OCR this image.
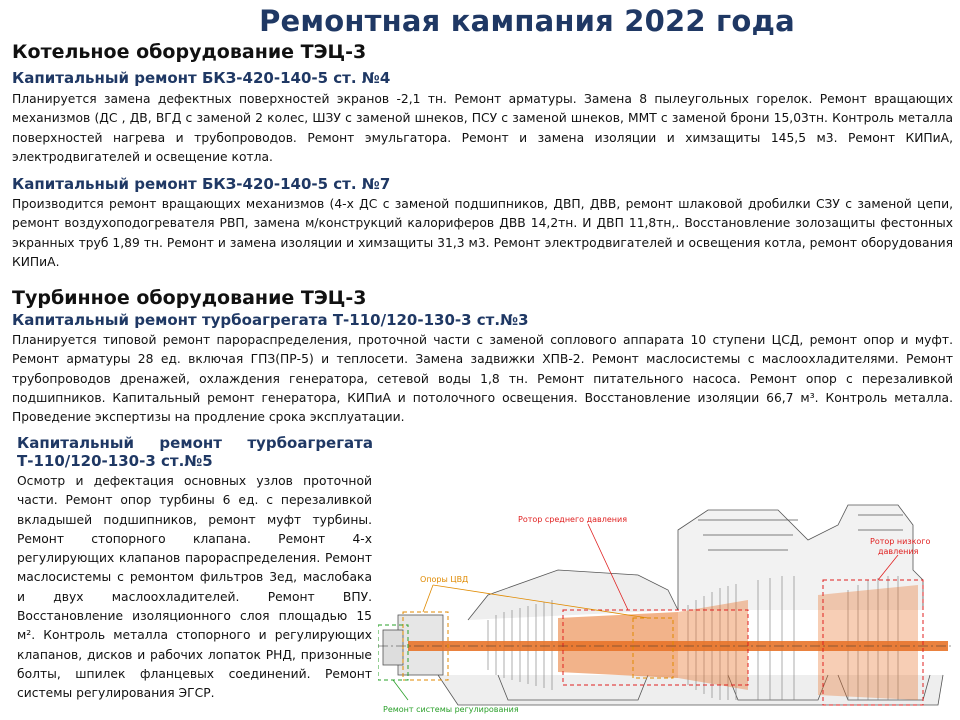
Ремонтная кампания 2022 года
Котельное оборудование ТЭЦ-3
Капитальный ремонт БКЗ-420-140-5 ст. №4

Планируется замена дефектных поверхностей экранов -2,1 тн. Ремонт арматуры. Замена 8 пылеугольных горелок. Ремонт вращающих механизмов (ДС , ДВ, ВГД с заменой 2 колес, ШЗУ с заменой шнеков, ПСУ с заменой шнеков, ММТ с заменой брони 15,03тн. Контроль металла поверхностей нагрева и трубопроводов. Ремонт эмульгатора. Ремонт и замена изоляции и химзащиты 145,5 м3. Ремонт КИПиА, электродвигателей и освещение котла.

Капитальный ремонт БКЗ-420-140-5 ст. №7

Производится ремонт вращающих механизмов (4-х ДС с заменой подшипников, ДВП, ДВВ, ремонт шлаковой дробилки СЗУ с заменой цепи, ремонт воздухоподогревателя РВП, замена м/конструкций калориферов ДВВ 14,2тн. И ДВП 11,8тн,. Восстановление золозащиты фестонных экранных труб 1,89 тн. Ремонт и замена изоляции и химзащиты 31,3 м3. Ремонт электродвигателей и освещения котла, ремонт оборудования КИПиА.

Турбинное оборудование ТЭЦ-3
Капитальный ремонт турбоагрегата Т-110/120-130-3 ст.№3

Планируется типовой ремонт парораспределения, проточной части с заменой соплового аппарата 10 ступени ЦСД, ремонт опор и муфт. Ремонт арматуры 28 ед. включая ГПЗ(ПР-5) и теплосети. Замена задвижки ХПВ-2. Ремонт маслосистемы с маслоохладителями. Ремонт трубопроводов дренажей, охлаждения генератора, сетевой воды 1,8 тн. Ремонт питательного насоса. Ремонт опор с перезаливкой подшипников. Капитальный ремонт генератора, КИПиА и потолочного освещения. Восстановление изоляции 66,7 м³. Контроль металла. Проведение экспертизы на продление срока эксплуатации.

Капитальный ремонт турбоагрегата Т-110/120-130-3 ст.№5

Осмотр и дефектация основных узлов проточной части. Ремонт опор турбины 6 ед. с перезаливкой вкладышей подшипников, ремонт муфт турбины. Ремонт стопорного клапана. Ремонт 4-х регулирующих клапанов парораспределения. Ремонт маслосистемы с ремонтом фильтров 3ед, маслобака и двух маслоохладителей. Ремонт ВПУ. Восстановление изоляционного слоя площадью 15 м². Контроль металла стопорного и регулирующих клапанов, дисков и рабочих лопаток РНД, призонные болты, шпилек фланцевых соединений. Ремонт системы регулирования ЭГСР.

Ротор среднего давления
Ротор низкого
давления
Опоры ЦВД
Ремонт системы регулирования
